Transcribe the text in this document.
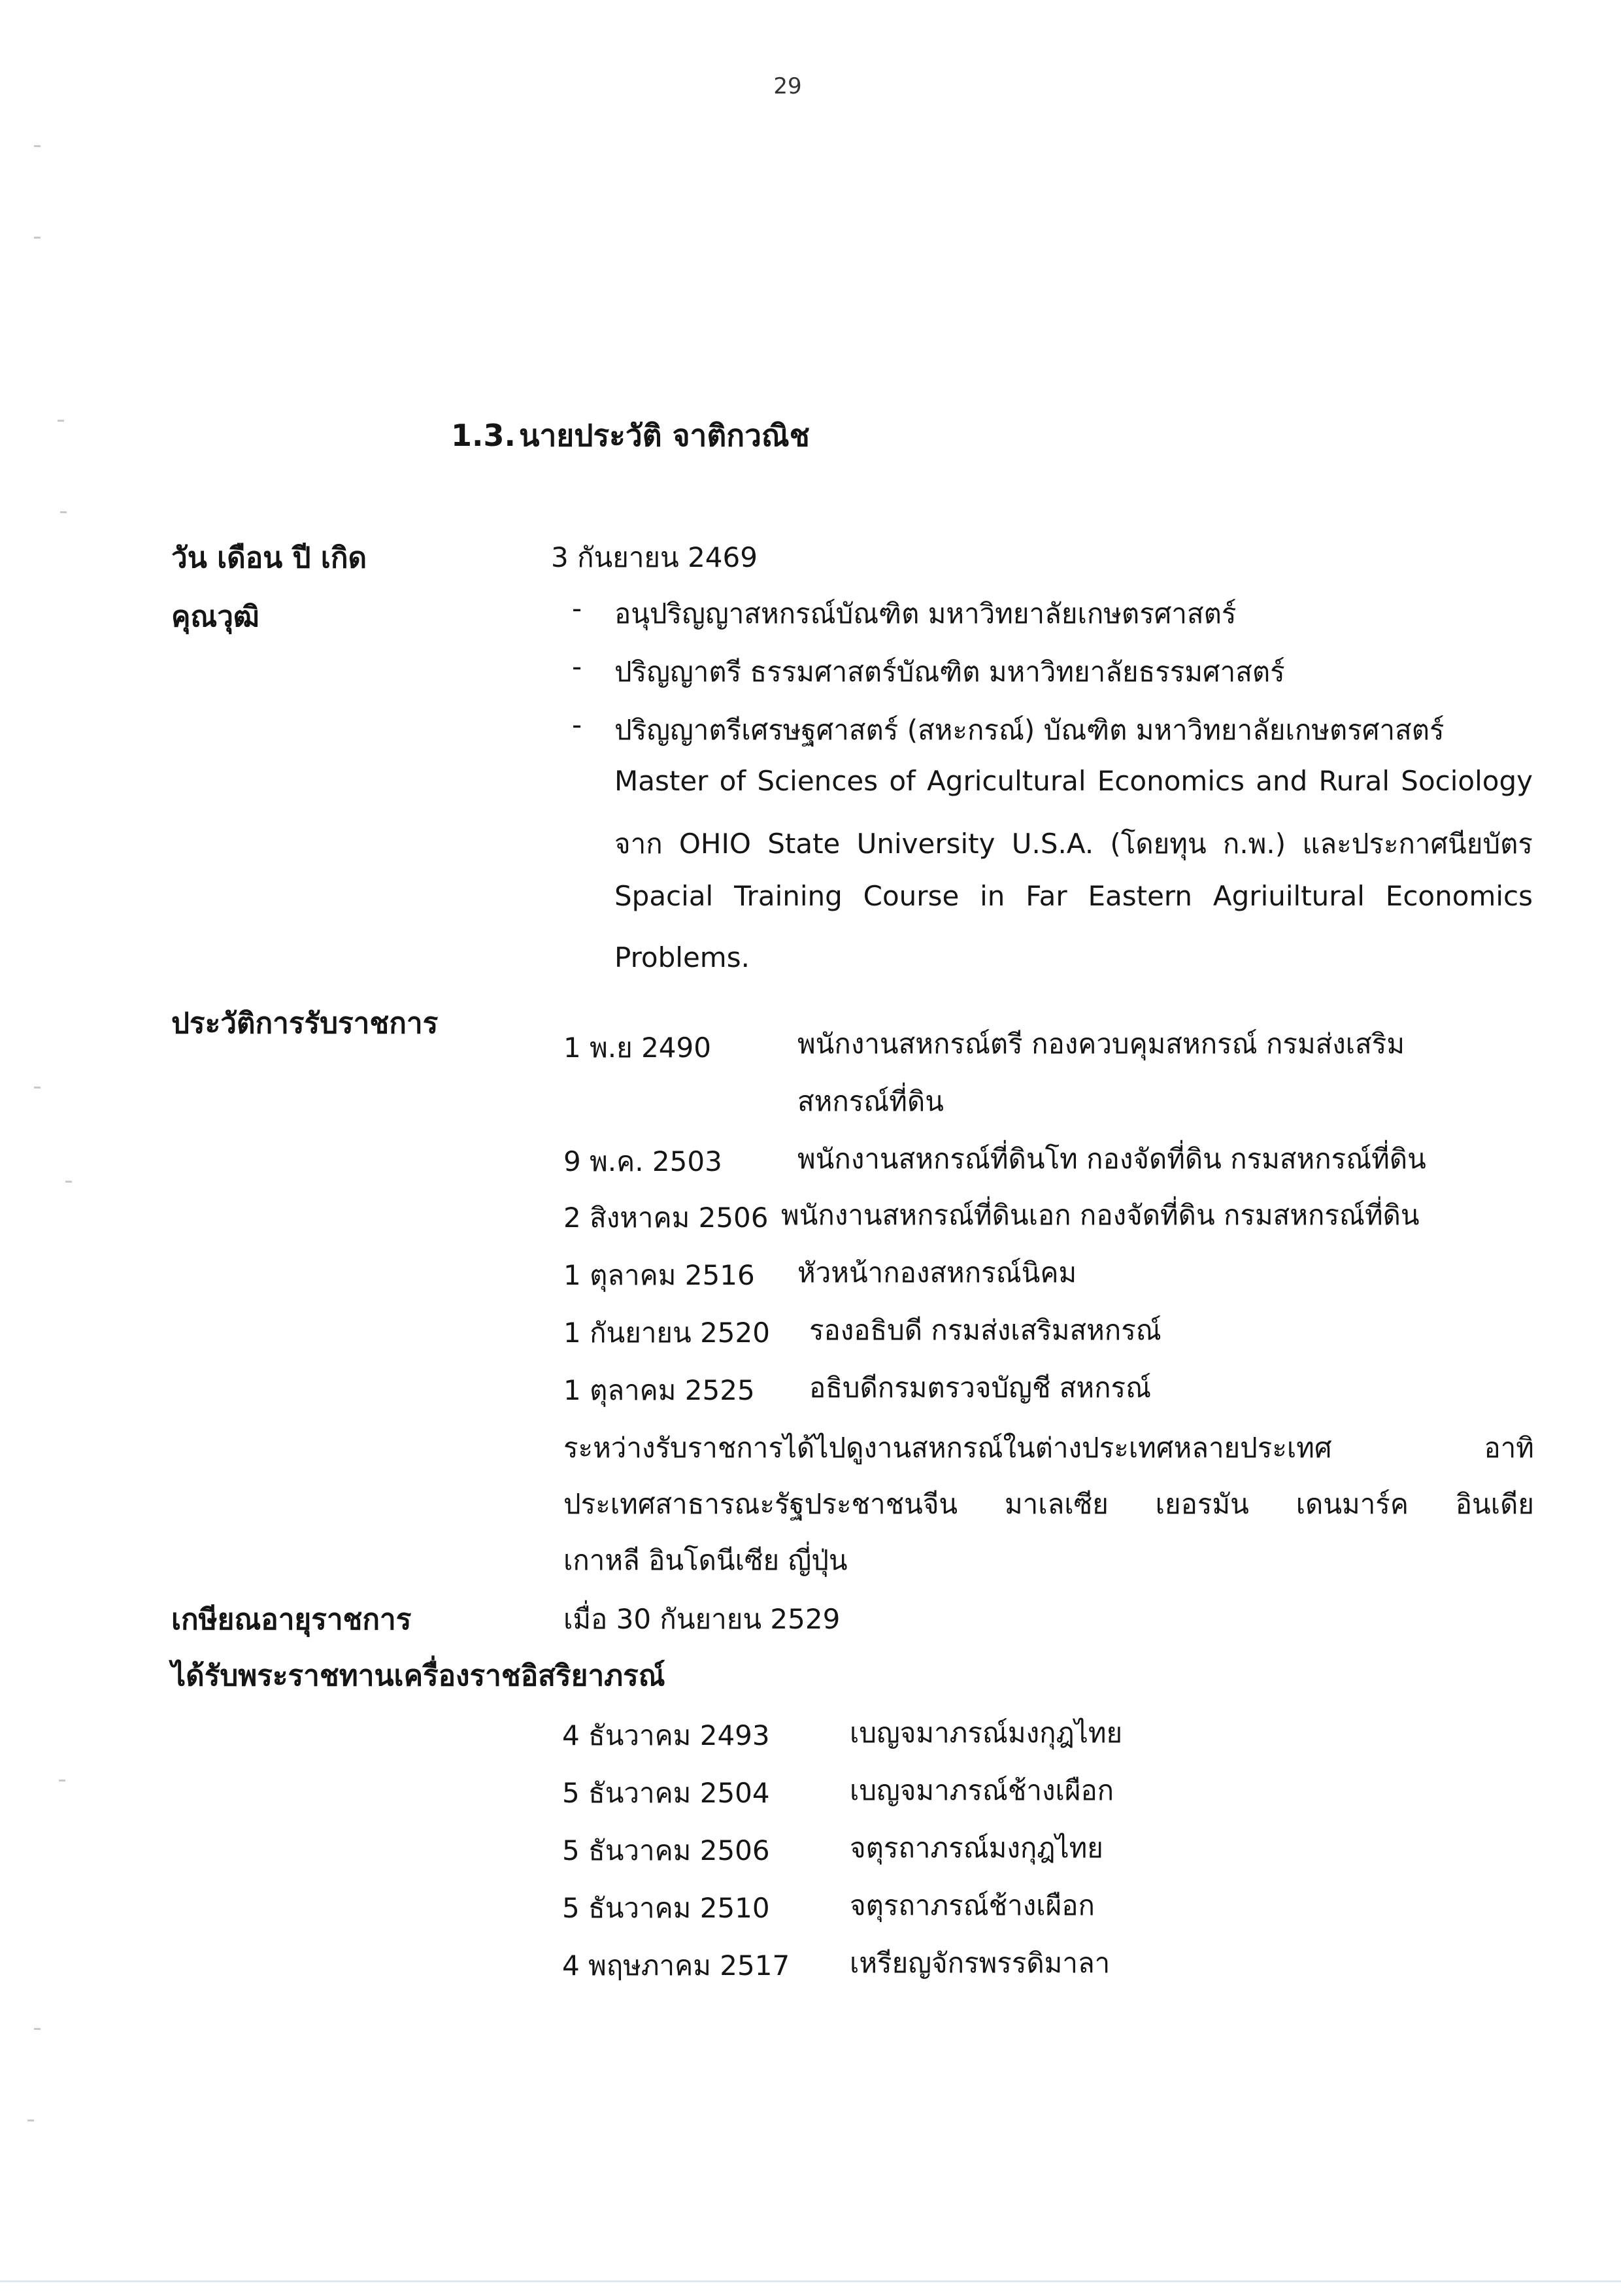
29
1.3. นายประวัติ จาติกวณิช
วัน เดือน ปี เกิด	3 กันยายน 2469
คุณวุฒิ	- อนุปริญญาสหกรณ์บัณฑิต มหาวิทยาลัยเกษตรศาสตร์
- ปริญญาตรี ธรรมศาสตร์บัณฑิต มหาวิทยาลัยธรรมศาสตร์
- ปริญญาตรีเศรษฐศาสตร์ (สหะกรณ์) บัณฑิต มหาวิทยาลัยเกษตรศาสตร์
Master of Sciences of Agricultural Economics and Rural Sociology
จาก OHIO State University U.S.A. (โดยทุน ก.พ.) และประกาศนียบัตร
Spacial Training Course in Far Eastern Agriuiltural Economics
Problems.
ประวัติการรับราชการ
1 พ.ย 2490	พนักงานสหกรณ์ตรี กองควบคุมสหกรณ์ กรมส่งเสริม
สหกรณ์ที่ดิน
9 พ.ค. 2503	พนักงานสหกรณ์ที่ดินโท กองจัดที่ดิน กรมสหกรณ์ที่ดิน
2 สิงหาคม 2506 พนักงานสหกรณ์ที่ดินเอก กองจัดที่ดิน กรมสหกรณ์ที่ดิน
1 ตุลาคม 2516 หัวหน้ากองสหกรณ์นิคม
1 กันยายน 2520 รองอธิบดี กรมส่งเสริมสหกรณ์
1 ตุลาคม 2525 อธิบดีกรมตรวจบัญชี สหกรณ์
ระหว่างรับราชการได้ไปดูงานสหกรณ์ในต่างประเทศหลายประเทศ อาทิ
ประเทศสาธารณะรัฐประชาชนจีน มาเลเซีย เยอรมัน เดนมาร์ค อินเดีย
เกาหลี อินโดนีเซีย ญี่ปุ่น
เกษียณอายุราชการ	เมื่อ 30 กันยายน 2529
ได้รับพระราชทานเครื่องราชอิสริยาภรณ์
4 ธันวาคม 2493	เบญจมาภรณ์มงกุฎไทย
5 ธันวาคม 2504	เบญจมาภรณ์ช้างเผือก
5 ธันวาคม 2506	จตุรถาภรณ์มงกุฎไทย
5 ธันวาคม 2510	จตุรถาภรณ์ช้างเผือก
4 พฤษภาคม 2517 เหรียญจักรพรรดิมาลา
